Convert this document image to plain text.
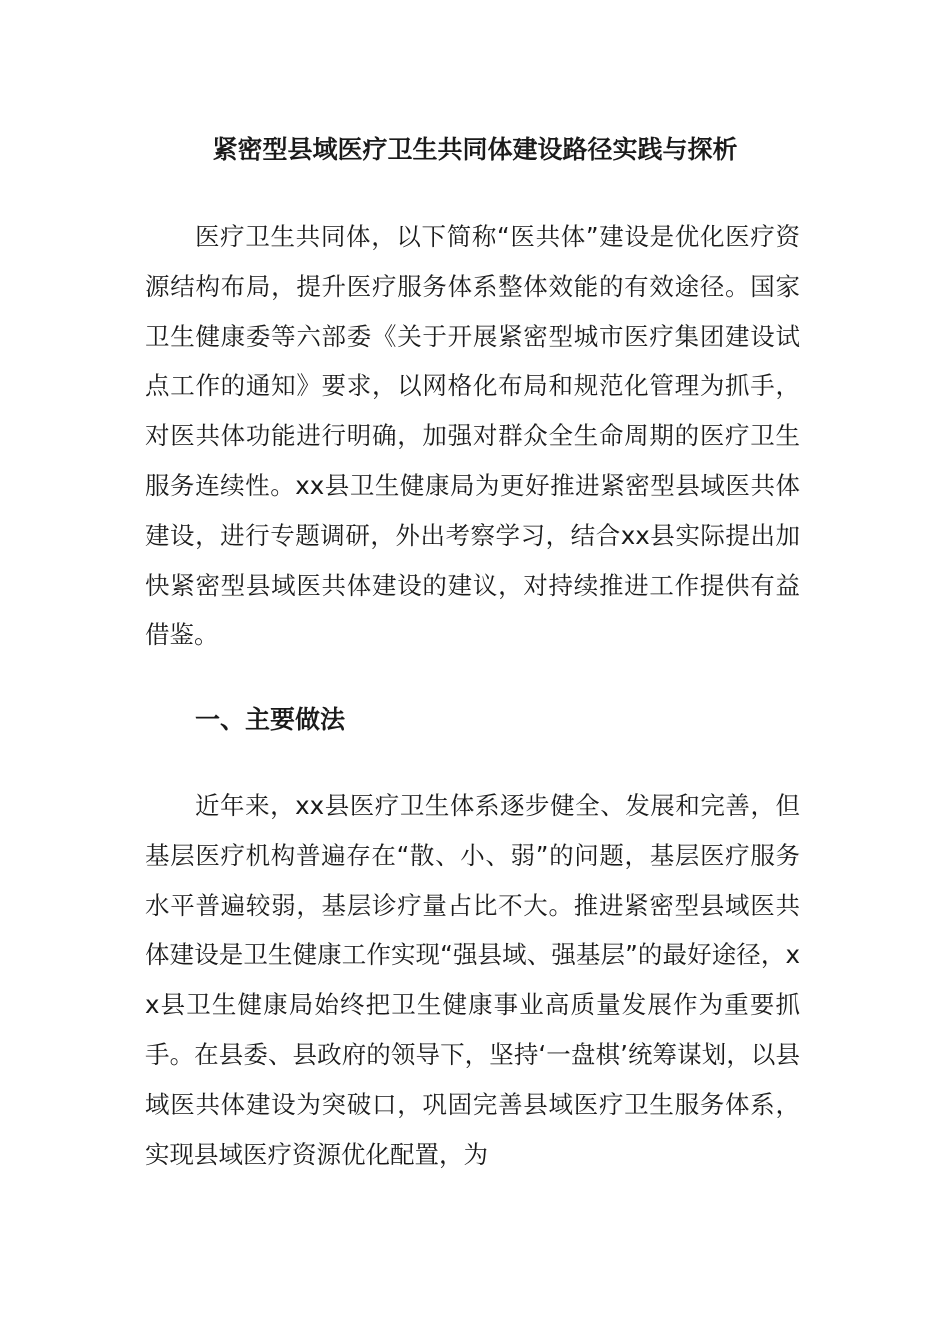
紧密型县域医疗卫生共同体建设路径实践与探析

医疗卫生共同体，以下简称“医共体”建设是优化医疗资源结构布局，提升医疗服务体系整体效能的有效途径。国家卫生健康委等六部委《关于开展紧密型城市医疗集团建设试点工作的通知》要求，以网格化布局和规范化管理为抓手，对医共体功能进行明确，加强对群众全生命周期的医疗卫生服务连续性。xx县卫生健康局为更好推进紧密型县域医共体建设，进行专题调研，外出考察学习，结合xx县实际提出加快紧密型县域医共体建设的建议，对持续推进工作提供有益借鉴。

一、主要做法

近年来，xx县医疗卫生体系逐步健全、发展和完善，但基层医疗机构普遍存在“散、小、弱”的问题，基层医疗服务水平普遍较弱，基层诊疗量占比不大。推进紧密型县域医共体建设是卫生健康工作实现“强县域、强基层”的最好途径，xx县卫生健康局始终把卫生健康事业高质量发展作为重要抓手。在县委、县政府的领导下，坚持‘一盘棋’统筹谋划，以县域医共体建设为突破口，巩固完善县域医疗卫生服务体系，实现县域医疗资源优化配置，为
